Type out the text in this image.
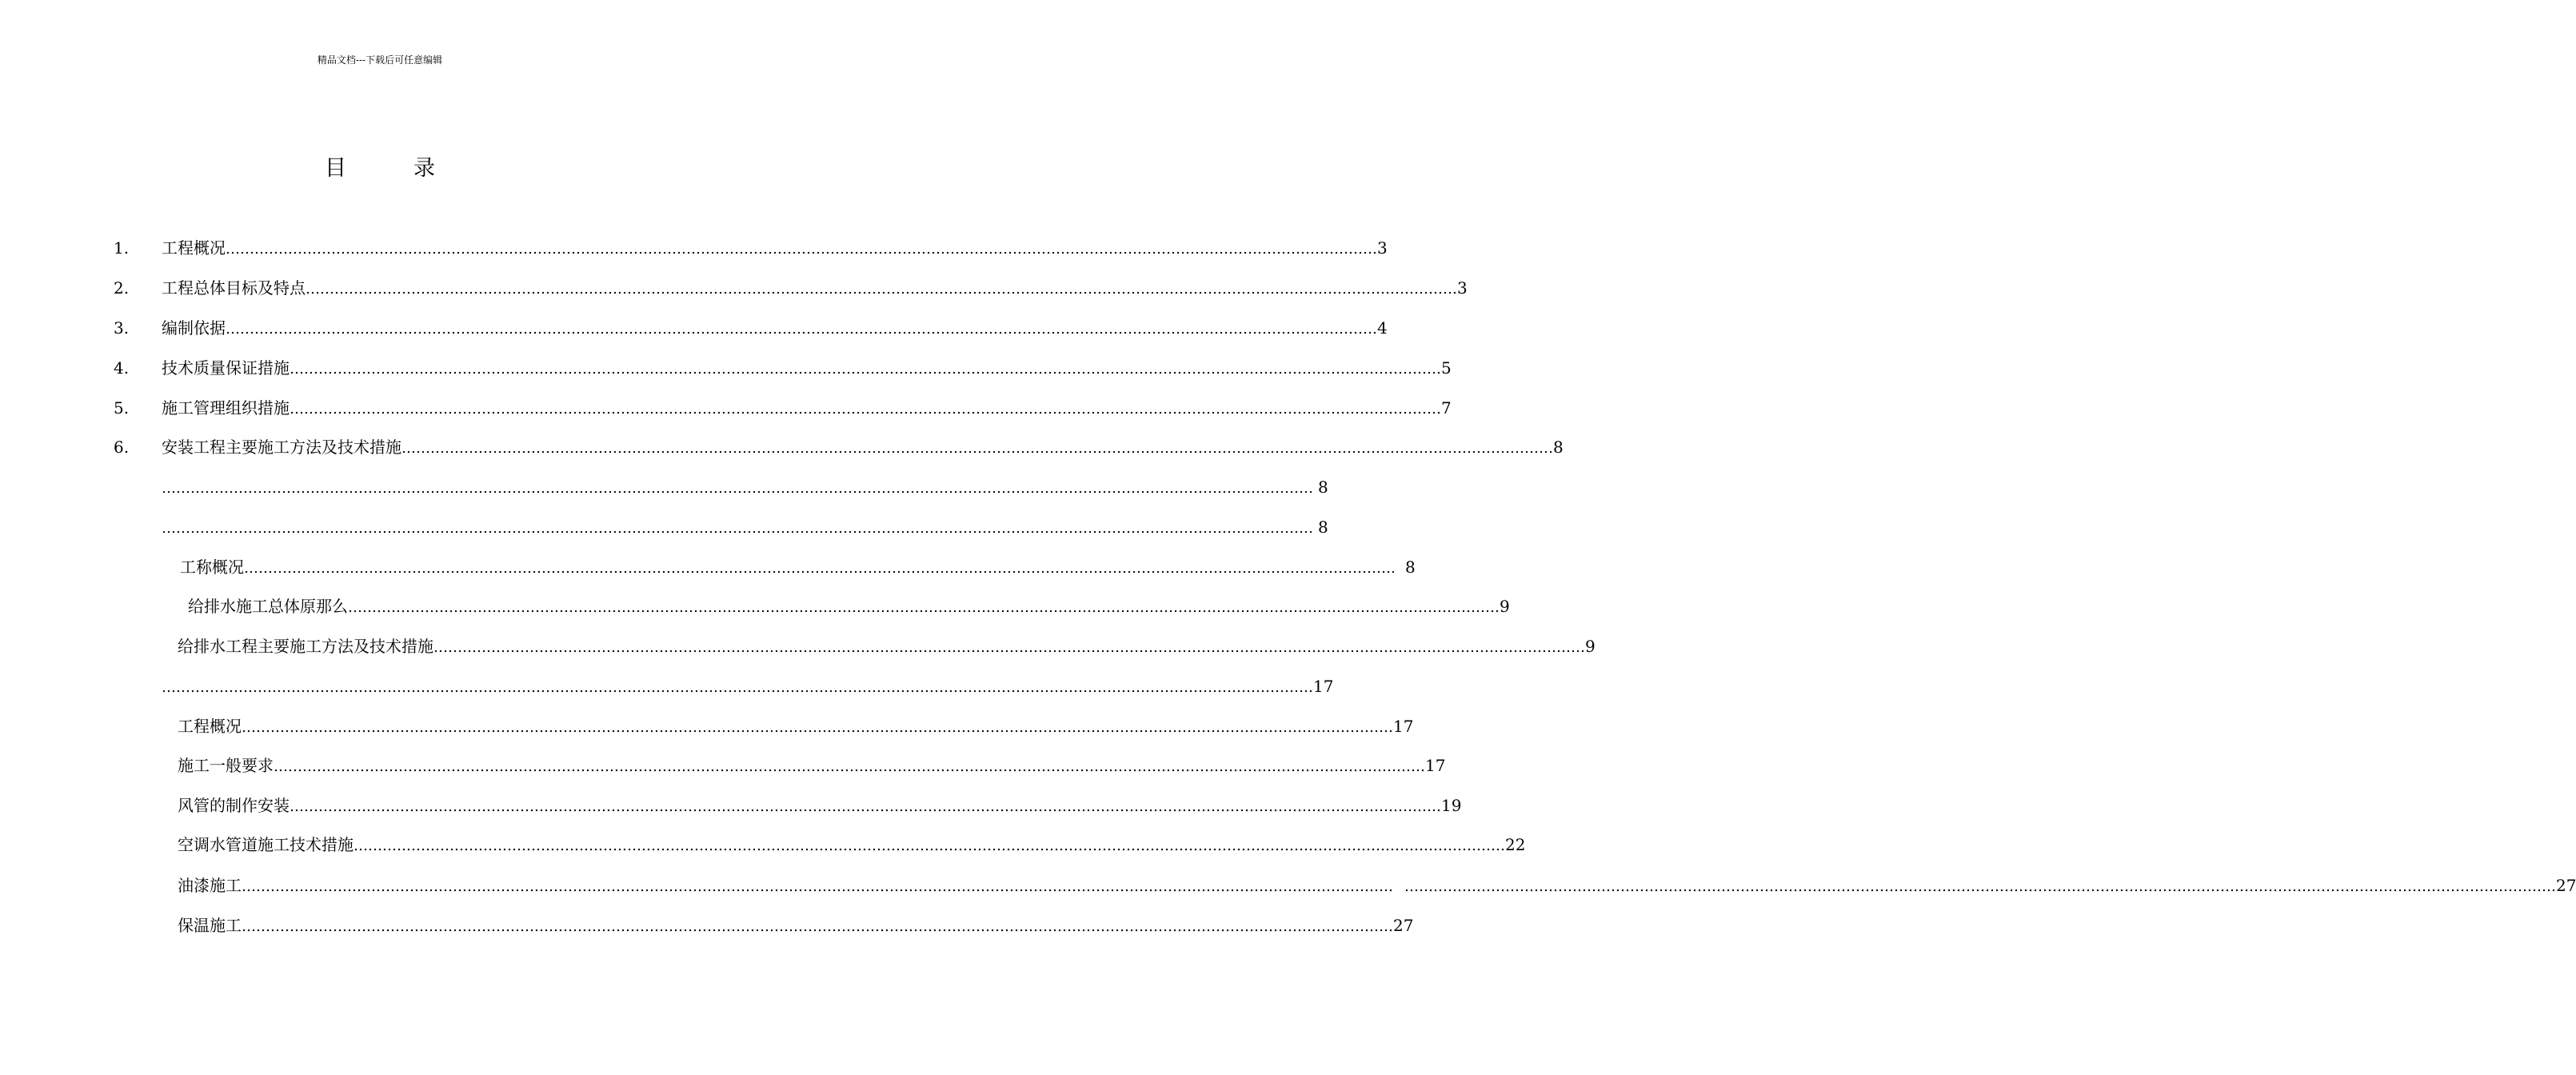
精品文档---下载后可任意编辑
目	录
1.	工程概况 …………………………………………………………………………………………………………………………………………………………………………………………………………………… 3
2.	工程总体目标及特点 …………………………………………………………………………………………………………………………………………………………………………………………………………………… 3
3.	编制依据 …………………………………………………………………………………………………………………………………………………………………………………………………………………… 4
4.	技术质量保证措施 …………………………………………………………………………………………………………………………………………………………………………………………………………………… 5
5.	施工管理组织措施 …………………………………………………………………………………………………………………………………………………………………………………………………………………… 7
6.	安装工程主要施工方法及技术措施 …………………………………………………………………………………………………………………………………………………………………………………………………………………… 8
…………………………………………………………………………………………………………………………………………………………………………………………………………………… 8
…………………………………………………………………………………………………………………………………………………………………………………………………………………… 8
工称概况 …………………………………………………………………………………………………………………………………………………………………………………………………………………… 8
给排水施工总体原那么 …………………………………………………………………………………………………………………………………………………………………………………………………………………… 9
给排水工程主要施工方法及技术措施 …………………………………………………………………………………………………………………………………………………………………………………………………………………… 9
…………………………………………………………………………………………………………………………………………………………………………………………………………………… 17
工程概况 …………………………………………………………………………………………………………………………………………………………………………………………………………………… 17
施工一般要求 …………………………………………………………………………………………………………………………………………………………………………………………………………………… 17
风管的制作安装 …………………………………………………………………………………………………………………………………………………………………………………………………………………… 19
空调水管道施工技术措施 …………………………………………………………………………………………………………………………………………………………………………………………………………………… 22
油漆施工 …………………………………………………………………………………………………………………………………………………………………………………………………………………… …………………………………………………………………………………………………………………………………………………………………………………………………………………… 27
保温施工 …………………………………………………………………………………………………………………………………………………………………………………………………………………… 27
